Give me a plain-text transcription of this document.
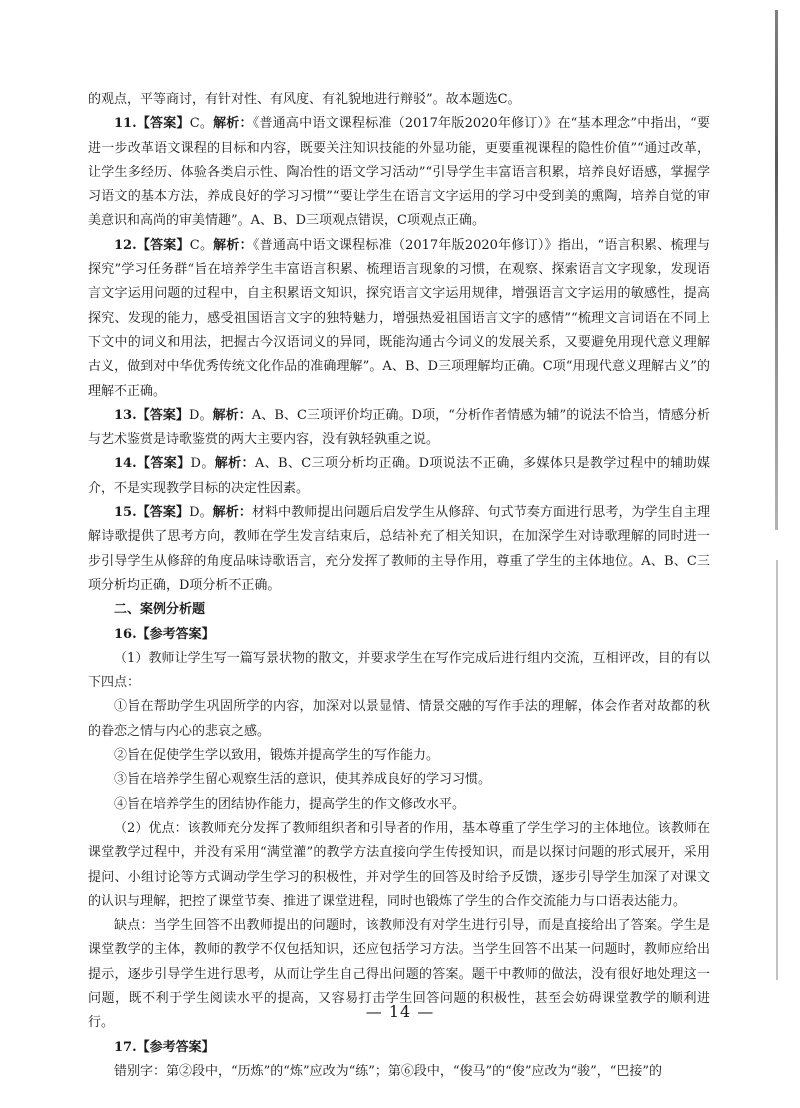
的观点，平等商讨，有针对性、有风度、有礼貌地进行辩驳”。故本题选C。

11.【答案】C。解析：《普通高中语文课程标准（2017年版2020年修订）》在“基本理念”中指出，“要进一步改革语文课程的目标和内容，既要关注知识技能的外显功能，更要重视课程的隐性价值”“通过改革，让学生多经历、体验各类启示性、陶冶性的语文学习活动”“引导学生丰富语言积累，培养良好语感，掌握学习语文的基本方法，养成良好的学习习惯”“要让学生在语言文字运用的学习中受到美的熏陶，培养自觉的审美意识和高尚的审美情趣”。A、B、D三项观点错误，C项观点正确。

12.【答案】C。解析：《普通高中语文课程标准（2017年版2020年修订）》指出，“语言积累、梳理与探究”学习任务群“旨在培养学生丰富语言积累、梳理语言现象的习惯，在观察、探索语言文字现象，发现语言文字运用问题的过程中，自主积累语文知识，探究语言文字运用规律，增强语言文字运用的敏感性，提高探究、发现的能力，感受祖国语言文字的独特魅力，增强热爱祖国语言文字的感情”“梳理文言词语在不同上下文中的词义和用法，把握古今汉语词义的异同，既能沟通古今词义的发展关系，又要避免用现代意义理解古义，做到对中华优秀传统文化作品的准确理解”。A、B、D三项理解均正确。C项“用现代意义理解古义”的理解不正确。

13.【答案】D。解析：A、B、C三项评价均正确。D项，“分析作者情感为辅”的说法不恰当，情感分析与艺术鉴赏是诗歌鉴赏的两大主要内容，没有孰轻孰重之说。

14.【答案】D。解析：A、B、C三项分析均正确。D项说法不正确，多媒体只是教学过程中的辅助媒介，不是实现教学目标的决定性因素。

15.【答案】D。解析：材料中教师提出问题后启发学生从修辞、句式节奏方面进行思考，为学生自主理解诗歌提供了思考方向，教师在学生发言结束后，总结补充了相关知识，在加深学生对诗歌理解的同时进一步引导学生从修辞的角度品味诗歌语言，充分发挥了教师的主导作用，尊重了学生的主体地位。A、B、C三项分析均正确，D项分析不正确。

二、案例分析题

16.【参考答案】

（1）教师让学生写一篇写景状物的散文，并要求学生在写作完成后进行组内交流，互相评改，目的有以下四点：

①旨在帮助学生巩固所学的内容，加深对以景显情、情景交融的写作手法的理解，体会作者对故都的秋的眷恋之情与内心的悲哀之感。

②旨在促使学生学以致用，锻炼并提高学生的写作能力。

③旨在培养学生留心观察生活的意识，使其养成良好的学习习惯。

④旨在培养学生的团结协作能力，提高学生的作文修改水平。

（2）优点：该教师充分发挥了教师组织者和引导者的作用，基本尊重了学生学习的主体地位。该教师在课堂教学过程中，并没有采用“满堂灌”的教学方法直接向学生传授知识，而是以探讨问题的形式展开，采用提问、小组讨论等方式调动学生学习的积极性，并对学生的回答及时给予反馈，逐步引导学生加深了对课文的认识与理解，把控了课堂节奏、推进了课堂进程，同时也锻炼了学生的合作交流能力与口语表达能力。

缺点：当学生回答不出教师提出的问题时，该教师没有对学生进行引导，而是直接给出了答案。学生是课堂教学的主体，教师的教学不仅包括知识，还应包括学习方法。当学生回答不出某一问题时，教师应给出提示，逐步引导学生进行思考，从而让学生自己得出问题的答案。题干中教师的做法，没有很好地处理这一问题，既不利于学生阅读水平的提高，又容易打击学生回答问题的积极性，甚至会妨碍课堂教学的顺利进行。

17.【参考答案】

错别字：第②段中，“历炼”的“炼”应改为“练”；第⑥段中，“俊马”的“俊”应改为“骏”，“巴接”的

— 14 —
